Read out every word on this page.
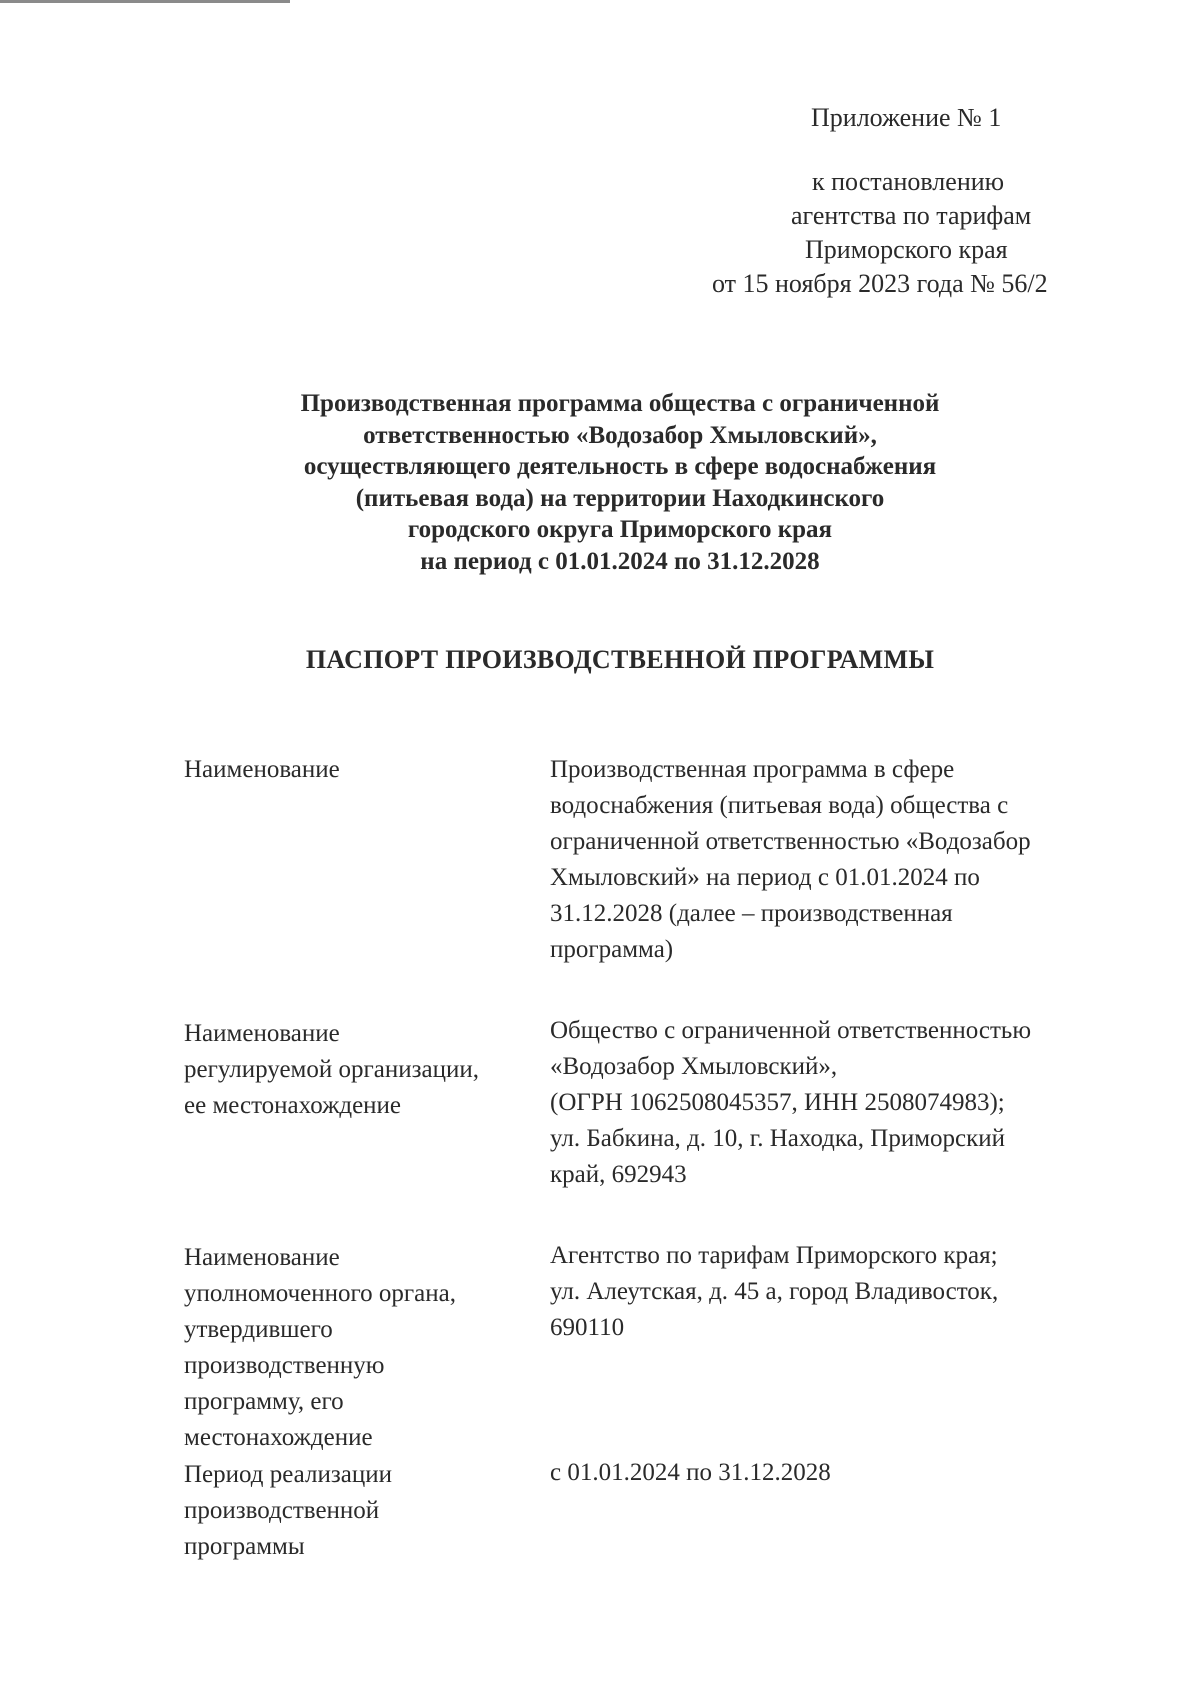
Приложение № 1
к постановлению
агентства по тарифам
Приморского края
от 15 ноября 2023 года № 56/2
Производственная программа общества с ограниченной
ответственностью «Водозабор Хмыловский»,
осуществляющего деятельность в сфере водоснабжения
(питьевая вода) на территории Находкинского
городского округа Приморского края
на период с 01.01.2024 по 31.12.2028
ПАСПОРТ ПРОИЗВОДСТВЕННОЙ ПРОГРАММЫ
Наименование	Производственная программа в сфере
водоснабжения (питьевая вода) общества с
ограниченной ответственностью «Водозабор
Хмыловский» на период с 01.01.2024 по
31.12.2028 (далее – производственная
программа)
Наименование
регулируемой организации,
ее местонахождение
Общество с ограниченной ответственностью
«Водозабор Хмыловский»,
(ОГРН 1062508045357, ИНН 2508074983);
ул. Бабкина, д. 10, г. Находка, Приморский
край, 692943
Наименование
уполномоченного органа,
утвердившего
производственную
программу, его
местонахождение
Агентство по тарифам Приморского края;
ул. Алеутская, д. 45 а, город Владивосток,
690110
Период реализации
производственной
программы
с 01.01.2024 по 31.12.2028
